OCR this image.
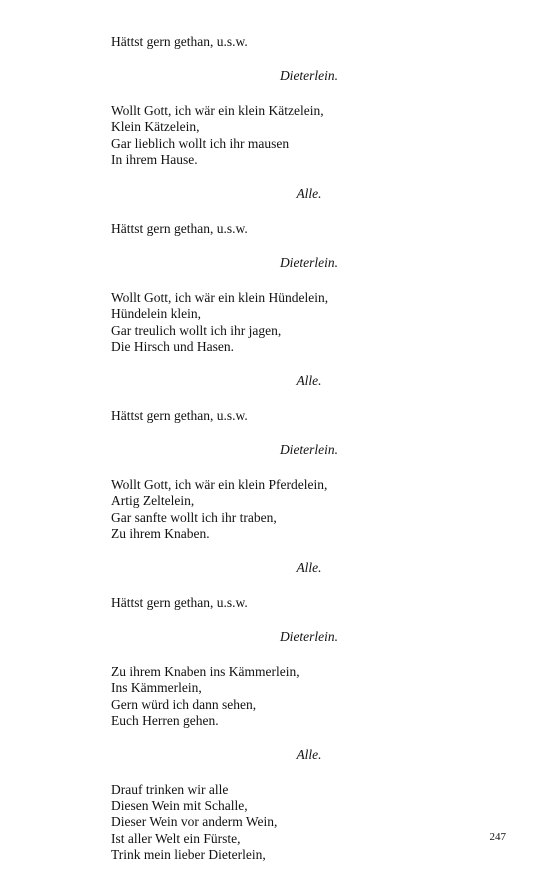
Hättst gern gethan, u.s.w.

Dieterlein.

Wollt Gott, ich wär ein klein Kätzelein,

Klein Kätzelein,

Gar lieblich wollt ich ihr mausen

In ihrem Hause.

Alle.

Hättst gern gethan, u.s.w.

Dieterlein.

Wollt Gott, ich wär ein klein Hündelein,

Hündelein klein,

Gar treulich wollt ich ihr jagen,

Die Hirsch und Hasen.

Alle.

Hättst gern gethan, u.s.w.

Dieterlein.

Wollt Gott, ich wär ein klein Pferdelein,

Artig Zeltelein,

Gar sanfte wollt ich ihr traben,

Zu ihrem Knaben.

Alle.

Hättst gern gethan, u.s.w.

Dieterlein.

Zu ihrem Knaben ins Kämmerlein,

Ins Kämmerlein,

Gern würd ich dann sehen,

Euch Herren gehen.

Alle.

Drauf trinken wir alle

Diesen Wein mit Schalle,

Dieser Wein vor anderm Wein,

Ist aller Welt ein Fürste,

Trink mein lieber Dieterlein,

247
